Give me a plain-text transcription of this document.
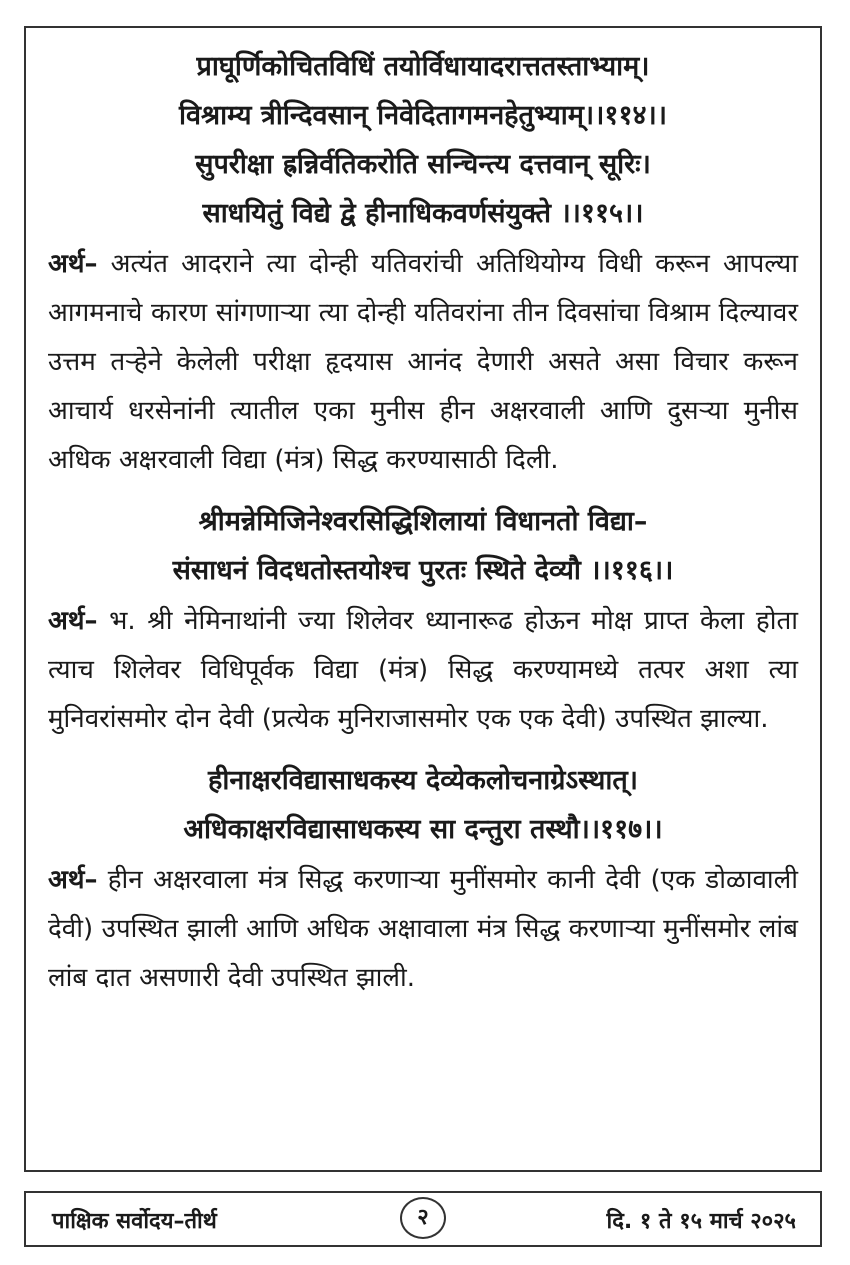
प्राघूर्णिकोचितविधिं तयोर्विधायादरात्ततस्ताभ्याम्।
विश्राम्य त्रीन्दिवसान् निवेदितागमनहेतुभ्याम्।।११४।।
सुपरीक्षा ह्रन्निर्वतिकरोति सन्चिन्त्य दत्तवान् सूरिः।
साधयितुं विद्ये द्वे हीनाधिकवर्णसंयुक्ते ।।११५।।

अर्थ– अत्यंत आदराने त्या दोन्ही यतिवरांची अतिथियोग्य विधी करून आपल्या आगमनाचे कारण सांगणाऱ्या त्या दोन्ही यतिवरांना तीन दिवसांचा विश्राम दिल्यावर उत्तम तऱ्हेने केलेली परीक्षा हृदयास आनंद देणारी असते असा विचार करून आचार्य धरसेनांनी त्यातील एका मुनीस हीन अक्षरवाली आणि दुसऱ्या मुनीस अधिक अक्षरवाली विद्या (मंत्र) सिद्ध करण्यासाठी दिली.

श्रीमन्नेमिजिनेश्वरसिद्धिशिलायां विधानतो विद्या–
संसाधनं विदधतोस्तयोश्च पुरतः स्थिते देव्यौ ।।११६।।

अर्थ– भ. श्री नेमिनाथांनी ज्या शिलेवर ध्यानारूढ होऊन मोक्ष प्राप्त केला होता त्याच शिलेवर विधिपूर्वक विद्या (मंत्र) सिद्ध करण्यामध्ये तत्पर अशा त्या मुनिवरांसमोर दोन देवी (प्रत्येक मुनिराजासमोर एक एक देवी) उपस्थित झाल्या.

हीनाक्षरविद्यासाधकस्य देव्येकलोचनाग्रेऽस्थात्।
अधिकाक्षरविद्यासाधकस्य सा दन्तुरा तस्थौ।।११७।।

अर्थ– हीन अक्षरवाला मंत्र सिद्ध करणाऱ्या मुनींसमोर कानी देवी (एक डोळावाली देवी) उपस्थित झाली आणि अधिक अक्षावाला मंत्र सिद्ध करणाऱ्या मुनींसमोर लांब लांब दात असणारी देवी उपस्थित झाली.

पाक्षिक सर्वोदय–तीर्थ	२	दि. १ ते १५ मार्च २०२५
